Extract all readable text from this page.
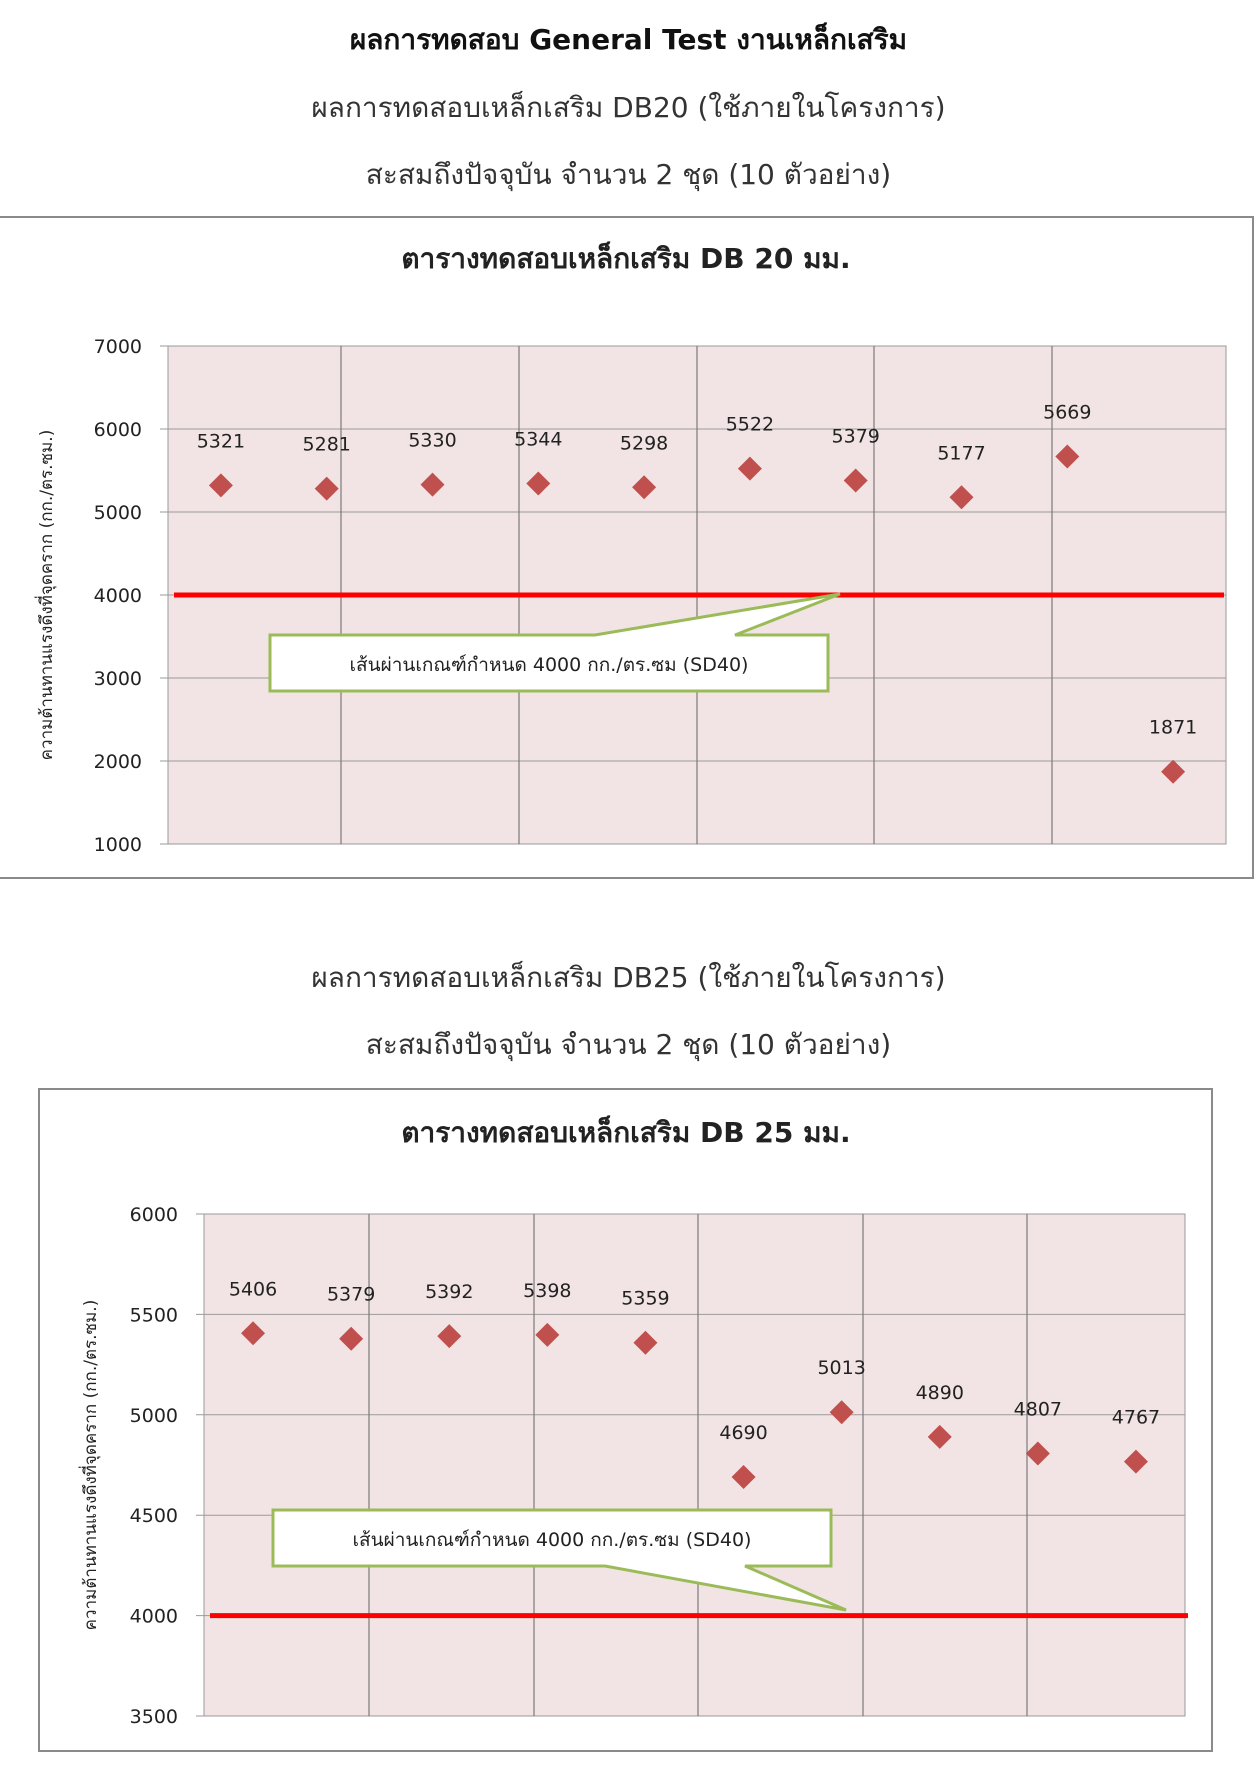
ผลการทดสอบ General Test งานเหล็กเสริม
ผลการทดสอบเหล็กเสริม DB20 (ใช้ภายในโครงการ)
สะสมถึงปัจจุบัน จำนวน 2 ชุด (10 ตัวอย่าง)
ตารางทดสอบเหล็กเสริม DB 20 มม.
1000
2000
3000
4000
5000
6000
7000
ความต้านทานแรงดึงที่จุดคราก (กก./ตร.ซม.)	เส้นผ่านเกณฑ์กำหนด 4000 กก./ตร.ซม (SD40)
5321	5281	5330	5344	5298
5522
5379
5177
5669
1871
ผลการทดสอบเหล็กเสริม DB25 (ใช้ภายในโครงการ)
สะสมถึงปัจจุบัน จำนวน 2 ชุด (10 ตัวอย่าง)
ตารางทดสอบเหล็กเสริม DB 25 มม.
3500
4000
4500
5000
5500
6000
ความต้านทานแรงดึงที่จุดคราก (กก./ตร.ซม.)	เส้นผ่านเกณฑ์กำหนด 4000 กก./ตร.ซม (SD40)
5406	5379	5392	5398	5359
4690
5013
4890
4807	4767
